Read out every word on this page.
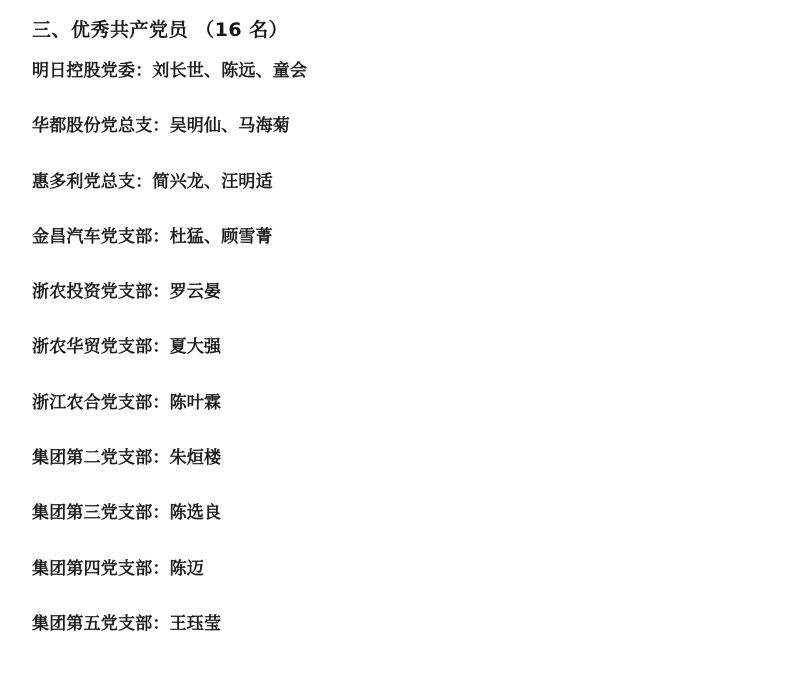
三、优秀共产党员 （16 名）
明日控股党委：刘长世、陈远、童会
华都股份党总支：吴明仙、马海菊
惠多利党总支：简兴龙、汪明适
金昌汽车党支部：杜猛、顾雪菁
浙农投资党支部：罗云晏
浙农华贸党支部：夏大强
浙江农合党支部：陈叶霖
集团第二党支部：朱烜楼
集团第三党支部：陈选良
集团第四党支部：陈迈
集团第五党支部：王珏莹
